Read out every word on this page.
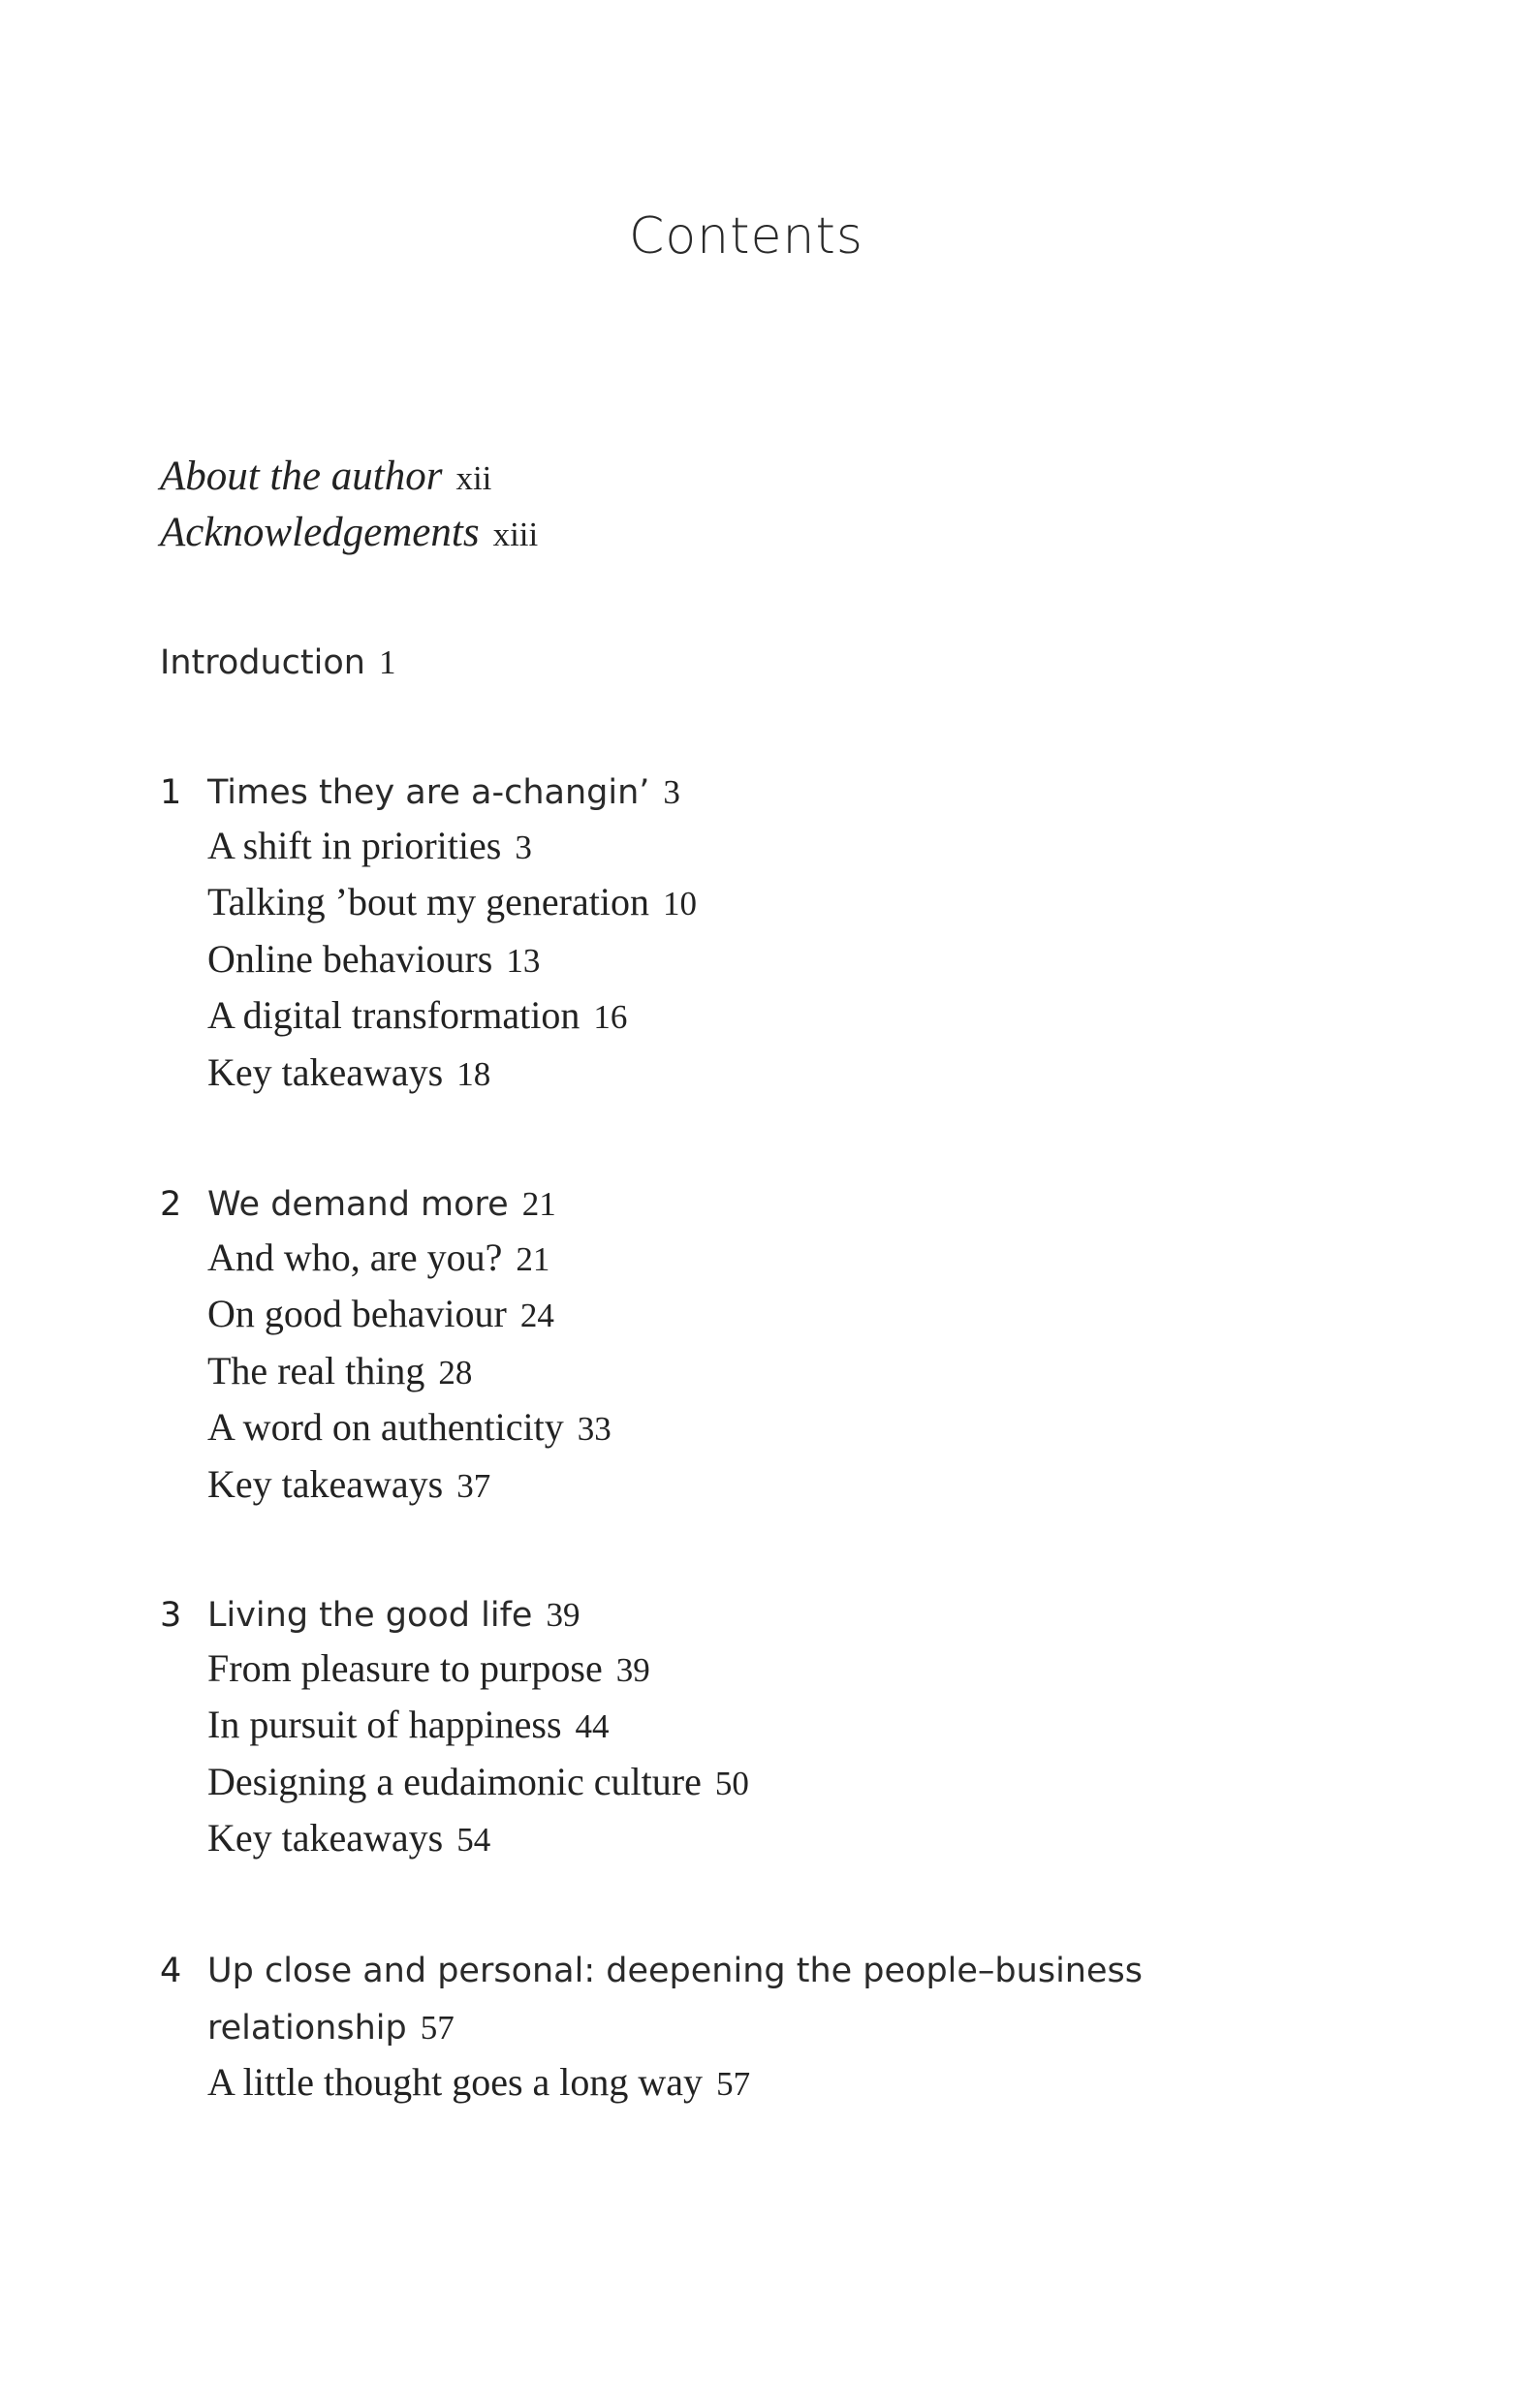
Contents
About the author xii
Acknowledgements xiii
Introduction 1
1 Times they are a-changin’ 3
A shift in priorities 3
Talking ’bout my generation 10
Online behaviours 13
A digital transformation 16
Key takeaways 18
2 We demand more 21
And who, are you? 21
On good behaviour 24
The real thing 28
A word on authenticity 33
Key takeaways 37
3 Living the good life 39
From pleasure to purpose 39
In pursuit of happiness 44
Designing a eudaimonic culture 50
Key takeaways 54
4 Up close and personal: deepening the people–business
relationship 57
A little thought goes a long way 57
